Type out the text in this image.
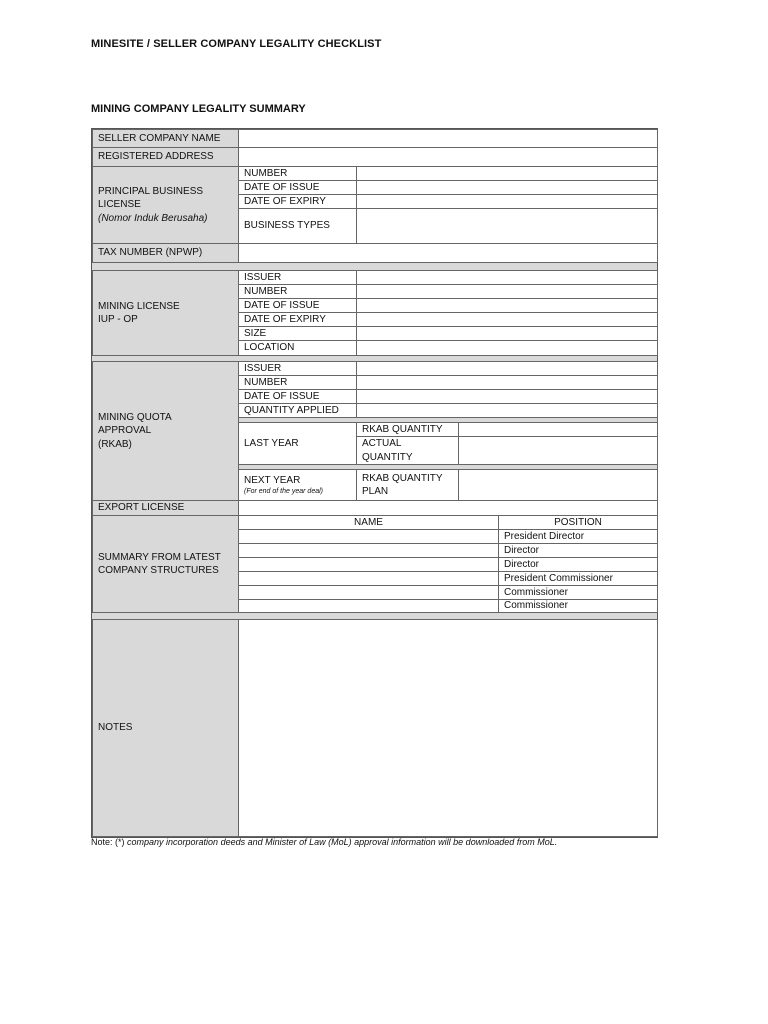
MINESITE / SELLER COMPANY LEGALITY CHECKLIST
MINING COMPANY LEGALITY SUMMARY
SELLER COMPANY NAME
REGISTERED ADDRESS
PRINCIPAL BUSINESS
LICENSE
(Nomor Induk Berusaha)
NUMBER
DATE OF ISSUE
DATE OF EXPIRY
BUSINESS TYPES
TAX NUMBER (NPWP)
MINING LICENSE
IUP - OP
ISSUER
NUMBER
DATE OF ISSUE
DATE OF EXPIRY
SIZE
LOCATION
MINING QUOTA
APPROVAL
(RKAB)
ISSUER
NUMBER
DATE OF ISSUE
QUANTITY APPLIED
LAST YEAR
RKAB QUANTITY
ACTUAL
QUANTITY
NEXT YEAR
(For end of the year deal)
RKAB QUANTITY
PLAN
EXPORT LICENSE
SUMMARY FROM LATEST
COMPANY STRUCTURES
NAME	POSITION
President Director
Director
Director
President Commissioner
Commissioner
Commissioner
NOTES
Note: (*) company incorporation deeds and Minister of Law (MoL) approval information will be downloaded from MoL.
